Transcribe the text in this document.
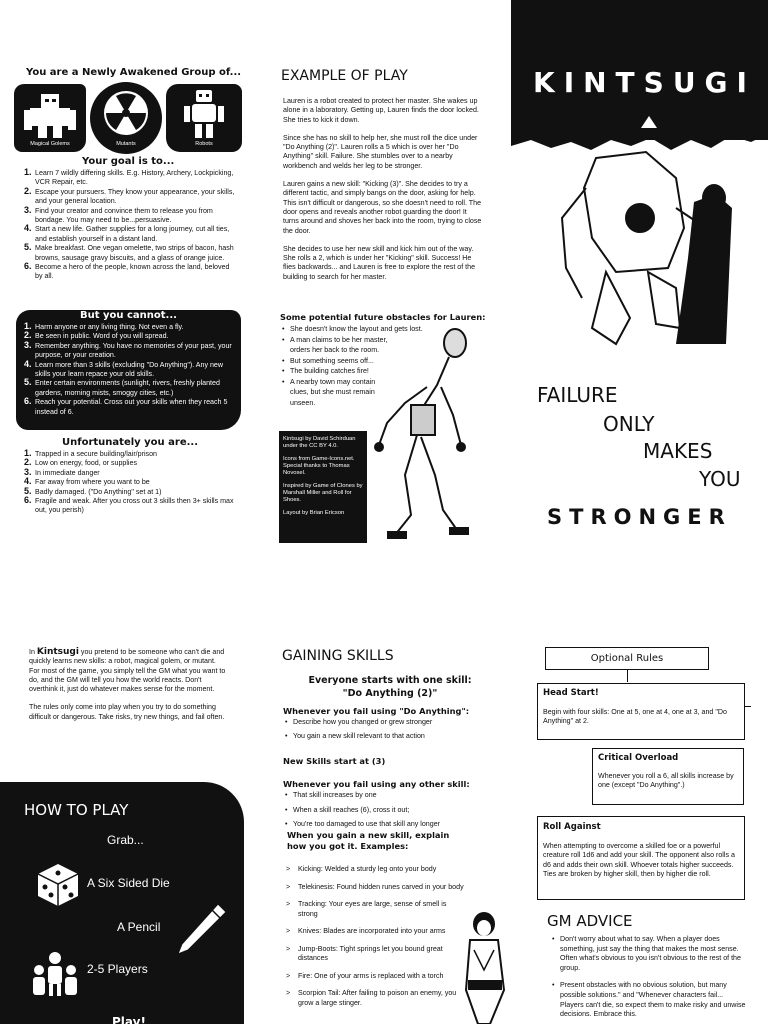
You are a Newly Awakened Group of...
Magical Golems	Mutants	Robots
Your goal is to...
1. Learn 7 wildly differing skills. E.g. History, Archery, Lockpicking, VCR Repair, etc.
2. Escape your pursuers. They know your appearance, your skills, and your general location.
3. Find your creator and convince them to release you from bondage. You may need to be...persuasive.
4. Start a new life. Gather supplies for a long journey, cut all ties, and establish yourself in a distant land.
5. Make breakfast. One vegan omelette, two strips of bacon, hash browns, sausage gravy biscuits, and a glass of orange juice.
6. Become a hero of the people, known across the land, beloved by all.
But you cannot...
1. Harm anyone or any living thing. Not even a fly.
2. Be seen in public. Word of you will spread.
3. Remember anything. You have no memories of your past, your purpose, or your creation.
4. Learn more than 3 skills (excluding "Do Anything"). Any new skills your learn repace your old skills.
5. Enter certain environments (sunlight, rivers, freshly planted gardens, morning mists, smoggy cities, etc.)
6. Reach your potential. Cross out your skills when they reach 5 instead of 6.
Unfortunately you are...
1. Trapped in a secure building/lair/prison
2. Low on energy, food, or supplies
3. In immediate danger
4. Far away from where you want to be
5. Badly damaged. ("Do Anything" set at 1)
6. Fragile and weak. After you cross out 3 skills then 3+ skills max out, you perish)
EXAMPLE OF PLAY

Lauren is a robot created to protect her master. She wakes up alone in a laboratory. Getting up, Lauren finds the door locked. She tries to kick it down.

Since she has no skill to help her, she must roll the dice under "Do Anything (2)". Lauren rolls a 5 which is over her "Do Anything" skill. Failure. She stumbles over to a nearby workbench and welds her leg to be stronger.

Lauren gains a new skill: "Kicking (3)". She decides to try a different tactic, and simply bangs on the door, asking for help. This isn't difficult or dangerous, so she doesn't need to roll. The door opens and reveals another robot guarding the door! It turns around and shoves her back into the room, trying to close the door.

She decides to use her new skill and kick him out of the way. She rolls a 2, which is under her "Kicking" skill. Success! He flies backwards... and Lauren is free to explore the rest of the building to search for her master.

Some potential future obstacles for Lauren:
• She doesn't know the layout and gets lost.
• A man claims to be her master, orders her back to the room.
• But something seems off...
• The building catches fire!
• A nearby town may contain clues, but she must remain unseen.

Kintsugi by David Schirduan under the CC BY 4.0.

Icons from Game-Icons.net. Special thanks to Thomas Novosel.

Inspired by Game of Clones by Marshall Miller and Roll for Shoes.

Layout by Brian Ericson

KINTSUGI
FAILURE
ONLY
MAKES
YOU
STRONGER

In Kintsugi you pretend to be someone who can't die and quickly learns new skills: a robot, magical golem, or mutant.

For most of the game, you simply tell the GM what you want to do, and the GM will tell you how the world reacts. Don't overthink it, just do whatever makes sense for the moment.

The rules only come into play when you try to do something difficult or dangerous. Take risks, try new things, and fail often.

HOW TO PLAY
Grab...
A Six Sided Die
A Pencil
2-5 Players
Play!
GAINING SKILLS
Everyone starts with one skill:
"Do Anything (2)"
Whenever you fail using "Do Anything":
• Describe how you changed or grew stronger
• You gain a new skill relevant to that action
New Skills start at (3)
Whenever you fail using any other skill:
• That skill increases by one
• When a skill reaches (6), cross it out;
• You're too damaged to use that skill any longer
When you gain a new skill, explain how you got it. Examples:
> Kicking: Welded a sturdy leg onto your body
> Telekinesis: Found hidden runes carved in your body
> Tracking: Your eyes are large, sense of smell is strong
> Knives: Blades are incorporated into your arms
> Jump-Boots: Tight springs let you bound great distances
> Fire: One of your arms is replaced with a torch
> Scorpion Tail: After failing to poison an enemy, you grow a large stinger.
Optional Rules
Head Start!
Begin with four skills: One at 5, one at 4, one at 3, and "Do Anything" at 2.
Critical Overload
Whenever you roll a 6, all skills increase by one (except "Do Anything".)
Roll Against
When attempting to overcome a skilled foe or a powerful creature roll 1d6 and add your skill. The opponent also rolls a d6 and adds their own skill. Whoever totals higher succeeds. Ties are broken by higher skill, then by higher die roll.
GM ADVICE
• Don't worry about what to say. When a player does something, just say the thing that makes the most sense. Often what's obvious to you isn't obvious to the rest of the group.
• Present obstacles with no obvious solution, but many possible solutions." and "Whenever characters fail... Players can't die, so expect them to make risky and unwise decisions. Embrace this.
